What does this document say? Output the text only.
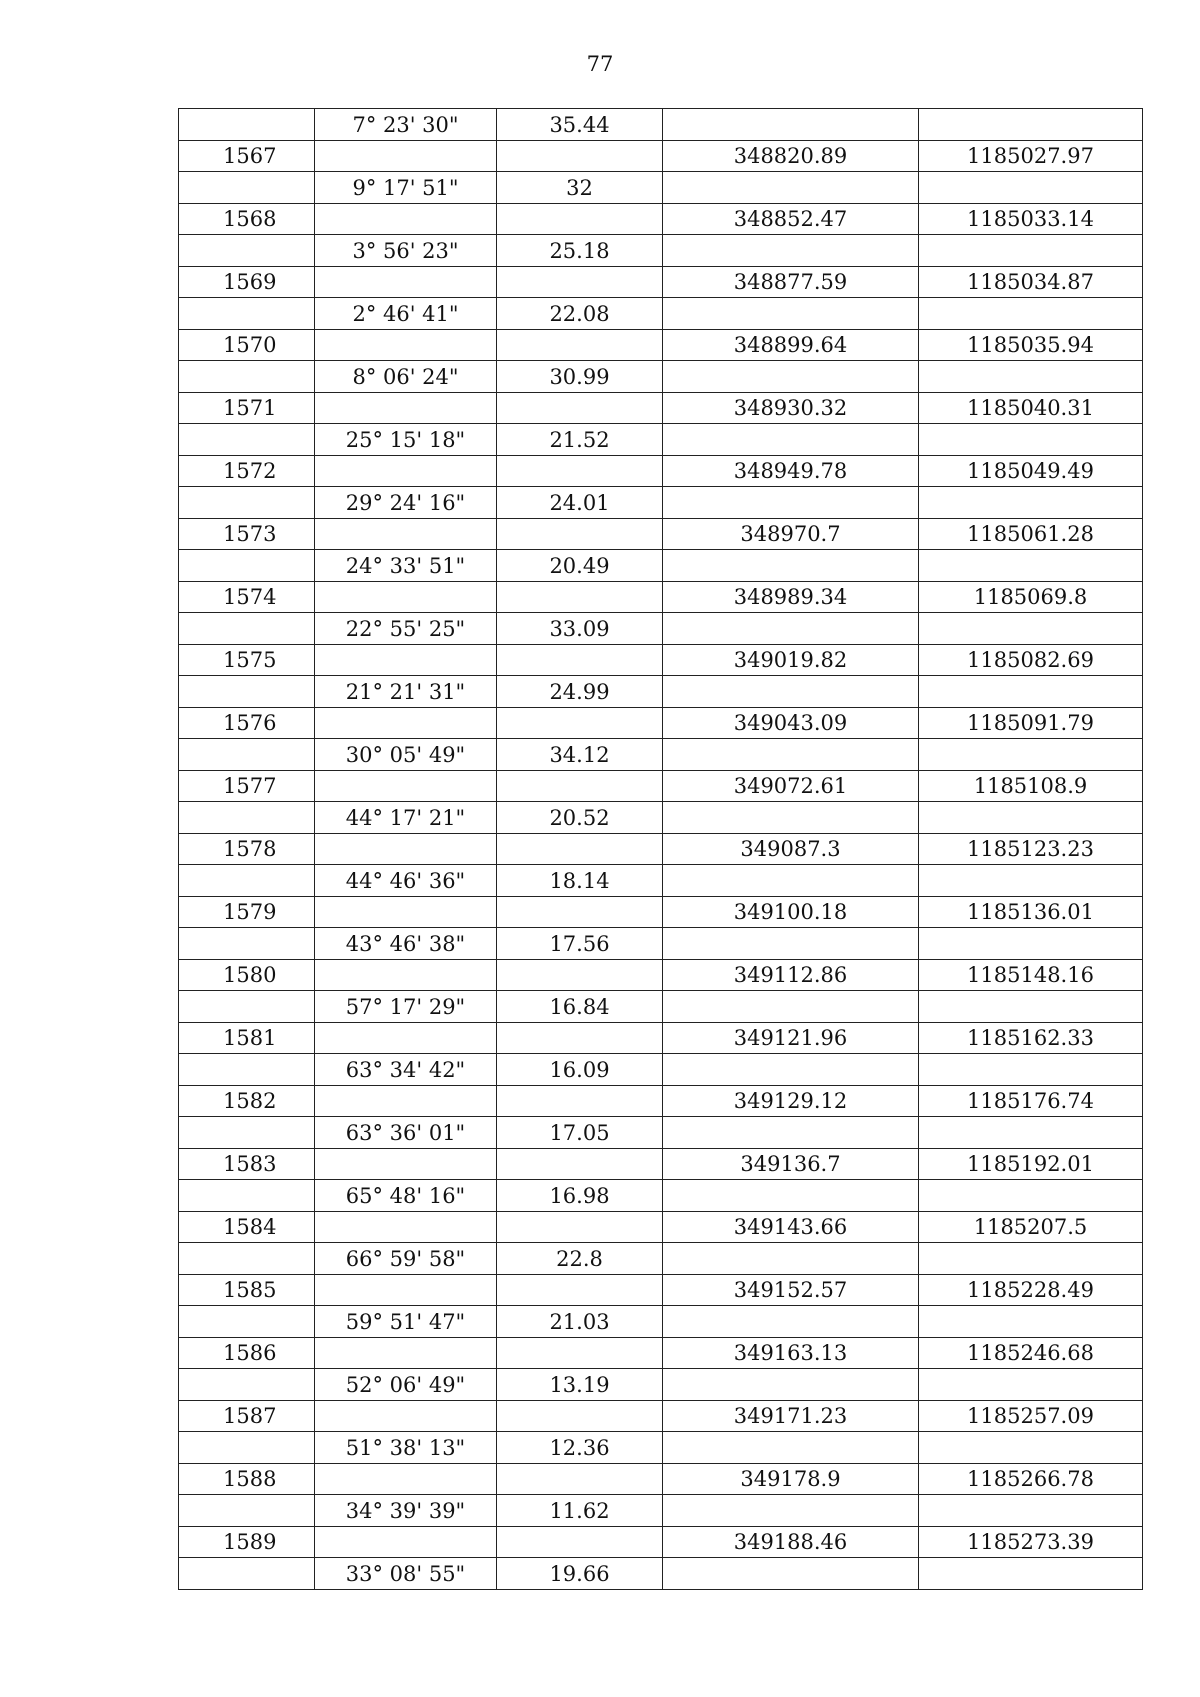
77
	7° 23' 30"	35.44		
1567			348820.89	1185027.97
	9° 17' 51"	32		
1568			348852.47	1185033.14
	3° 56' 23"	25.18		
1569			348877.59	1185034.87
	2° 46' 41"	22.08		
1570			348899.64	1185035.94
	8° 06' 24"	30.99		
1571			348930.32	1185040.31
	25° 15' 18"	21.52		
1572			348949.78	1185049.49
	29° 24' 16"	24.01		
1573			348970.7	1185061.28
	24° 33' 51"	20.49		
1574			348989.34	1185069.8
	22° 55' 25"	33.09		
1575			349019.82	1185082.69
	21° 21' 31"	24.99		
1576			349043.09	1185091.79
	30° 05' 49"	34.12		
1577			349072.61	1185108.9
	44° 17' 21"	20.52		
1578			349087.3	1185123.23
	44° 46' 36"	18.14		
1579			349100.18	1185136.01
	43° 46' 38"	17.56		
1580			349112.86	1185148.16
	57° 17' 29"	16.84		
1581			349121.96	1185162.33
	63° 34' 42"	16.09		
1582			349129.12	1185176.74
	63° 36' 01"	17.05		
1583			349136.7	1185192.01
	65° 48' 16"	16.98		
1584			349143.66	1185207.5
	66° 59' 58"	22.8		
1585			349152.57	1185228.49
	59° 51' 47"	21.03		
1586			349163.13	1185246.68
	52° 06' 49"	13.19		
1587			349171.23	1185257.09
	51° 38' 13"	12.36		
1588			349178.9	1185266.78
	34° 39' 39"	11.62		
1589			349188.46	1185273.39
	33° 08' 55"	19.66		
